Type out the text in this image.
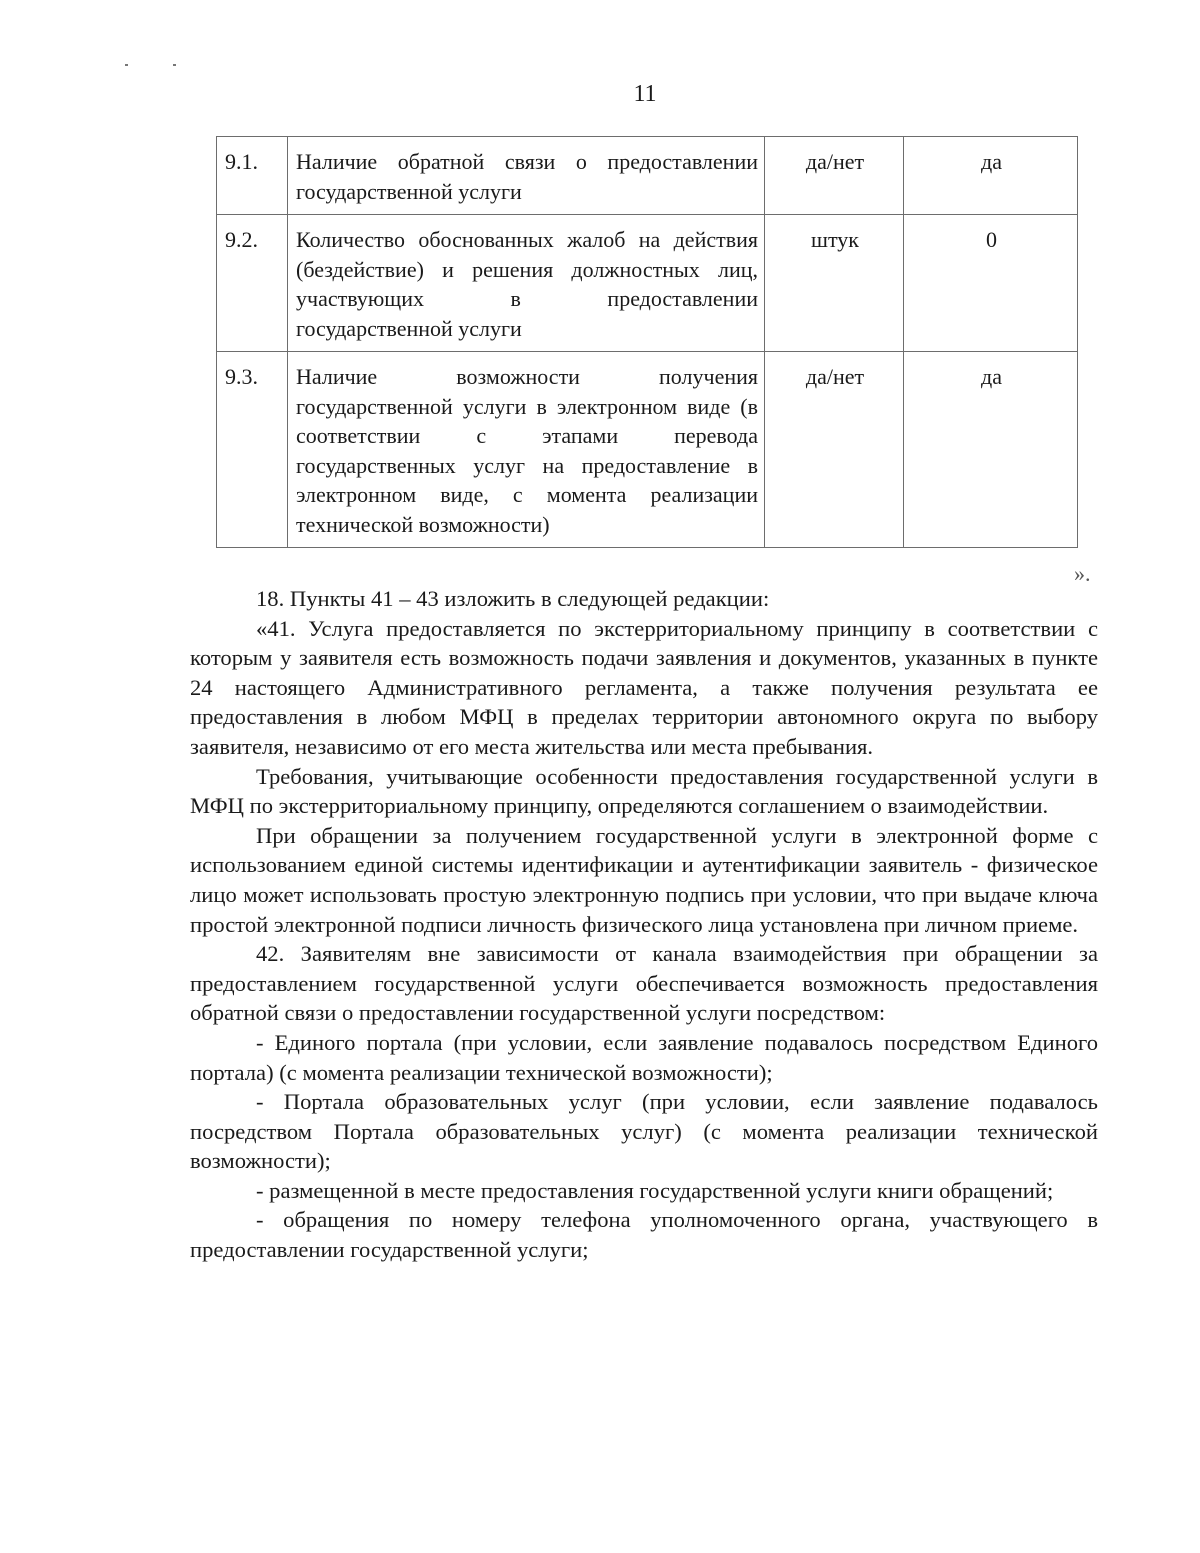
11
9.1.	Наличие обратной связи о предоставлении государственной услуги	да/нет	да
9.2.	Количество обоснованных жалоб на действия (бездействие) и решения должностных лиц, участвующих в предоставлении государственной услуги	штук	0
9.3.	Наличие возможности получения государственной услуги в электронном виде (в соответствии с этапами перевода государственных услуг на предоставление в электронном виде, с момента реализации технической возможности)	да/нет	да
».

18. Пункты 41 – 43 изложить в следующей редакции:

«41. Услуга предоставляется по экстерриториальному принципу в соответствии с которым у заявителя есть возможность подачи заявления и документов, указанных в пункте 24 настоящего Административного регламента, а также получения результата ее предоставления в любом МФЦ в пределах территории автономного округа по выбору заявителя, независимо от его места жительства или места пребывания.

Требования, учитывающие особенности предоставления государственной услуги в МФЦ по экстерриториальному принципу, определяются соглашением о взаимодействии.

При обращении за получением государственной услуги в электронной форме с использованием единой системы идентификации и аутентификации заявитель - физическое лицо может использовать простую электронную подпись при условии, что при выдаче ключа простой электронной подписи личность физического лица установлена при личном приеме.

42. Заявителям вне зависимости от канала взаимодействия при обращении за предоставлением государственной услуги обеспечивается возможность предоставления обратной связи о предоставлении государственной услуги посредством:

- Единого портала (при условии, если заявление подавалось посредством Единого портала) (с момента реализации технической возможности);

- Портала образовательных услуг (при условии, если заявление подавалось посредством Портала образовательных услуг) (с момента реализации технической возможности);

- размещенной в месте предоставления государственной услуги книги обращений;

- обращения по номеру телефона уполномоченного органа, участвующего в предоставлении государственной услуги;
